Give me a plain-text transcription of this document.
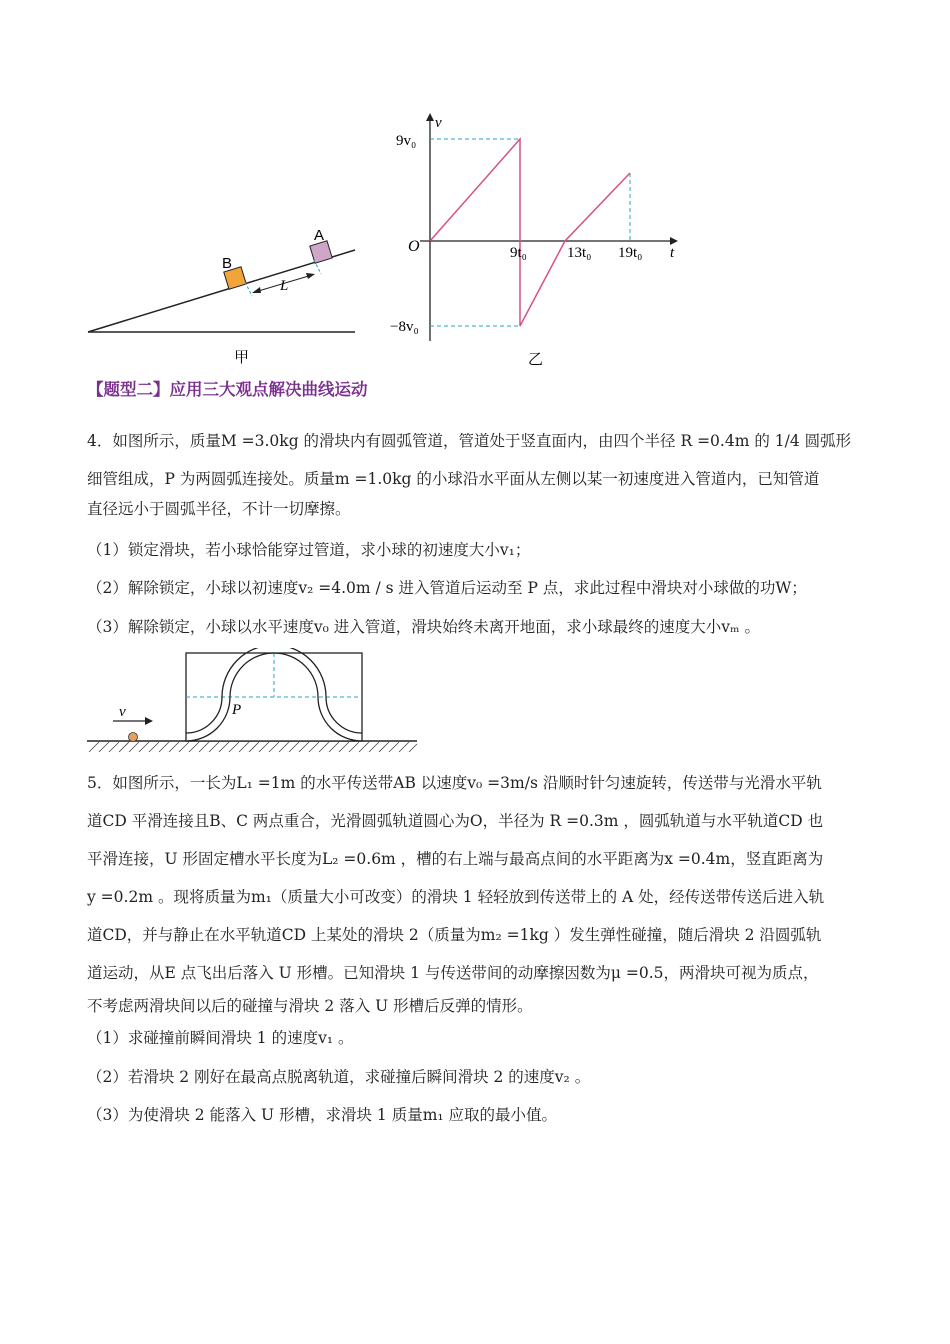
B
A
L
甲
v
t
O
9v₀
−8v₀
9t₀	13t₀ 19t₀
乙
【题型二】应用三大观点解决曲线运动
4．如图所示，质量M =3.0kg 的滑块内有圆弧管道，管道处于竖直面内，由四个半径 R =0.4m 的 1/4 圆弧形
细管组成，P 为两圆弧连接处。质量m =1.0kg 的小球沿水平面从左侧以某一初速度进入管道内，已知管道
直径远小于圆弧半径，不计一切摩擦。
（1）锁定滑块，若小球恰能穿过管道，求小球的初速度大小v₁；
（2）解除锁定，小球以初速度v₂ =4.0m / s 进入管道后运动至 P 点，求此过程中滑块对小球做的功W；
（3）解除锁定，小球以水平速度v₀ 进入管道，滑块始终未离开地面，求小球最终的速度大小vₘ 。
v	P
5．如图所示，一长为L₁ =1m 的水平传送带AB 以速度v₀ =3m/s 沿顺时针匀速旋转，传送带与光滑水平轨
道CD 平滑连接且B、C 两点重合，光滑圆弧轨道圆心为O，半径为 R =0.3m ，圆弧轨道与水平轨道CD 也
平滑连接，U 形固定槽水平长度为L₂ =0.6m ，槽的右上端与最高点间的水平距离为x =0.4m，竖直距离为
y =0.2m 。现将质量为m₁（质量大小可改变）的滑块 1 轻轻放到传送带上的 A 处，经传送带传送后进入轨
道CD，并与静止在水平轨道CD 上某处的滑块 2（质量为m₂ =1kg ）发生弹性碰撞，随后滑块 2 沿圆弧轨
道运动，从E 点飞出后落入 U 形槽。已知滑块 1 与传送带间的动摩擦因数为μ =0.5，两滑块可视为质点，
不考虑两滑块间以后的碰撞与滑块 2 落入 U 形槽后反弹的情形。
（1）求碰撞前瞬间滑块 1 的速度v₁ 。
（2）若滑块 2 刚好在最高点脱离轨道，求碰撞后瞬间滑块 2 的速度v₂ 。
（3）为使滑块 2 能落入 U 形槽，求滑块 1 质量m₁ 应取的最小值。
